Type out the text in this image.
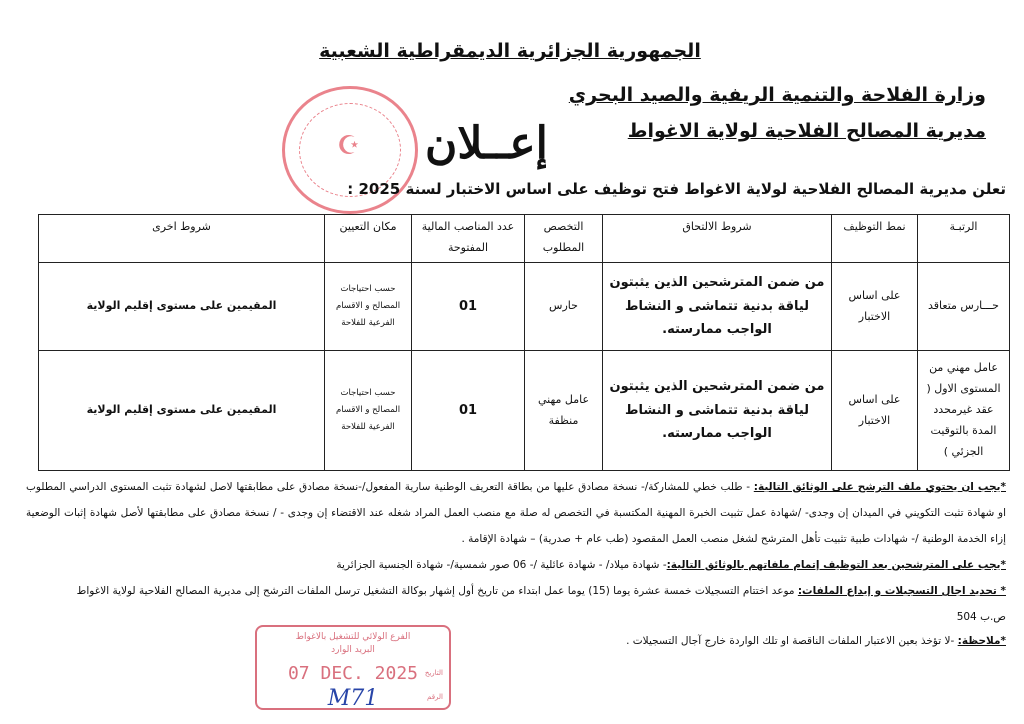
الجمهورية الجزائرية الديمقراطية الشعبية
وزارة الفلاحة والتنمية الريفية والصيد البحري
مديرية المصالح الفلاحية لولاية الاغواط
إعــلان
☪
تعلن مديرية المصالح الفلاحية لولاية الاغواط فتح توظيف على اساس الاختبار لسنة 2025 :
الرتبـة	نمط التوظيف	شروط الالتحاق	التخصص المطلوب	عدد المناصب المالية المفتوحة	مكان التعيين	شروط اخرى
حـــارس متعاقد	على اساس الاختبار	من ضمن المترشحين الذين يثبتون لياقة بدنية تتماشى و النشاط الواجب ممارسته.	حارس	01	حسب احتياجات المصالح و الاقسام الفرعية للفلاحة	المقيمين على مستوى إقليم الولاية
عامل مهني من المستوى الاول ( عقد غيرمحدد المدة بالتوقيت الجزئي )	على اساس الاختبار	من ضمن المترشحين الذين يثبتون لياقة بدنية تتماشى و النشاط الواجب ممارسته.	عامل مهني منظفة	01	حسب احتياجات المصالح و الاقسام الفرعية للفلاحة	المقيمين على مستوى إقليم الولاية
*يجب ان يحتوي ملف الترشح على الوثائق التالية: - طلب خطي للمشاركة/- نسخة مصادق عليها من بطاقة التعريف الوطنية سارية المفعول/-نسخة مصادق على مطابقتها لاصل لشهادة تثبت المستوى الدراسي المطلوب او شهادة تثبت التكويني في الميدان إن وجدى- /شهادة عمل تثبيت الخبرة المهنية المكتسبة في التخصص له صلة مع منصب العمل المراد شغله عند الاقتضاء إن وجدى - / نسخة مصادق على مطابقتها لأصل شهادة إثبات الوضعية إزاء الخدمة الوطنية /- شهادات طبية تثبيت تأهل المترشح لشغل منصب العمل المقصود (طب عام + صدرية) – شهادة الإقامة .
*يجب على المترشحين بعد التوظيف إتمام ملفاتهم بالوثائق التالية:- شهادة ميلاد/ - شهادة عائلية /- 06 صور شمسية/- شهادة الجنسية الجزائرية
* تحديد اجال التسجيلات و إيداع الملفات: موعد اختتام التسجيلات خمسة عشرة يوما (15) يوما عمل ابتداء من تاريخ أول إشهار بوكالة التشغيل ترسل الملفات الترشح إلى مديرية المصالح الفلاحية لولاية الاغواط
ص.ب 504
*ملاحظة: -لا تؤخذ بعين الاعتبار الملفات الناقصة او تلك الواردة خارج آجال التسجيلات .
الفرع الولائي للتشغيل بالاغواط
البريد الوارد
07 DEC. 2025 التاريخ
M71	الرقم
